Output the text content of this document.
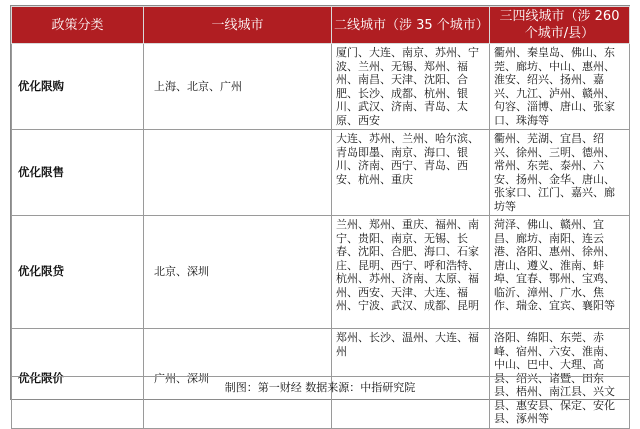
政策分类	一线城市	二线城市（涉 35 个城市）	三四线城市（涉 260 个城市/县）
优化限购	上海、北京、广州	厦门、大连、南京、苏州、宁波、兰州、无锡、郑州、福州、南昌、天津、沈阳、合肥、长沙、成都、杭州、银川、武汉、济南、青岛、太原、西安	衢州、秦皇岛、佛山、东莞、廊坊、中山、惠州、淮安、绍兴、扬州、嘉兴、九江、泸州、赣州、句容、淄博、唐山、张家口、珠海等
优化限售		大连、苏州、兰州、哈尔滨、青岛即墨、南京、海口、银川、济南、西宁、青岛、西安、杭州、重庆	衢州、芜湖、宜昌、绍兴、徐州、三明、德州、常州、东莞、泰州、六安、扬州、金华、唐山、张家口、江门、嘉兴、廊坊等
优化限贷	北京、深圳	兰州、郑州、重庆、福州、南宁、贵阳、南京、无锡、长春、沈阳、合肥、海口、石家庄、昆明、西宁、呼和浩特、杭州、苏州、济南、太原、福州、西安、天津、大连、福州、宁波、武汉、成都、昆明	菏泽、佛山、赣州、宜昌、廊坊、南阳、连云港、洛阳、惠州、徐州、唐山、遵义、淮南、蚌埠、宜春、鄂州、宝鸡、临沂、漳州、广水、焦作、瑞金、宜宾、襄阳等
优化限价	广州、深圳	郑州、长沙、温州、大连、福州	洛阳、绵阳、东莞、赤峰、宿州、六安、淮南、中山、巴中、大理、高县、绍兴、诸暨、田东县、梧州、南江县、兴文县、惠安县、保定、安化县、涿州等
制图：第一财经 数据来源：中指研究院
